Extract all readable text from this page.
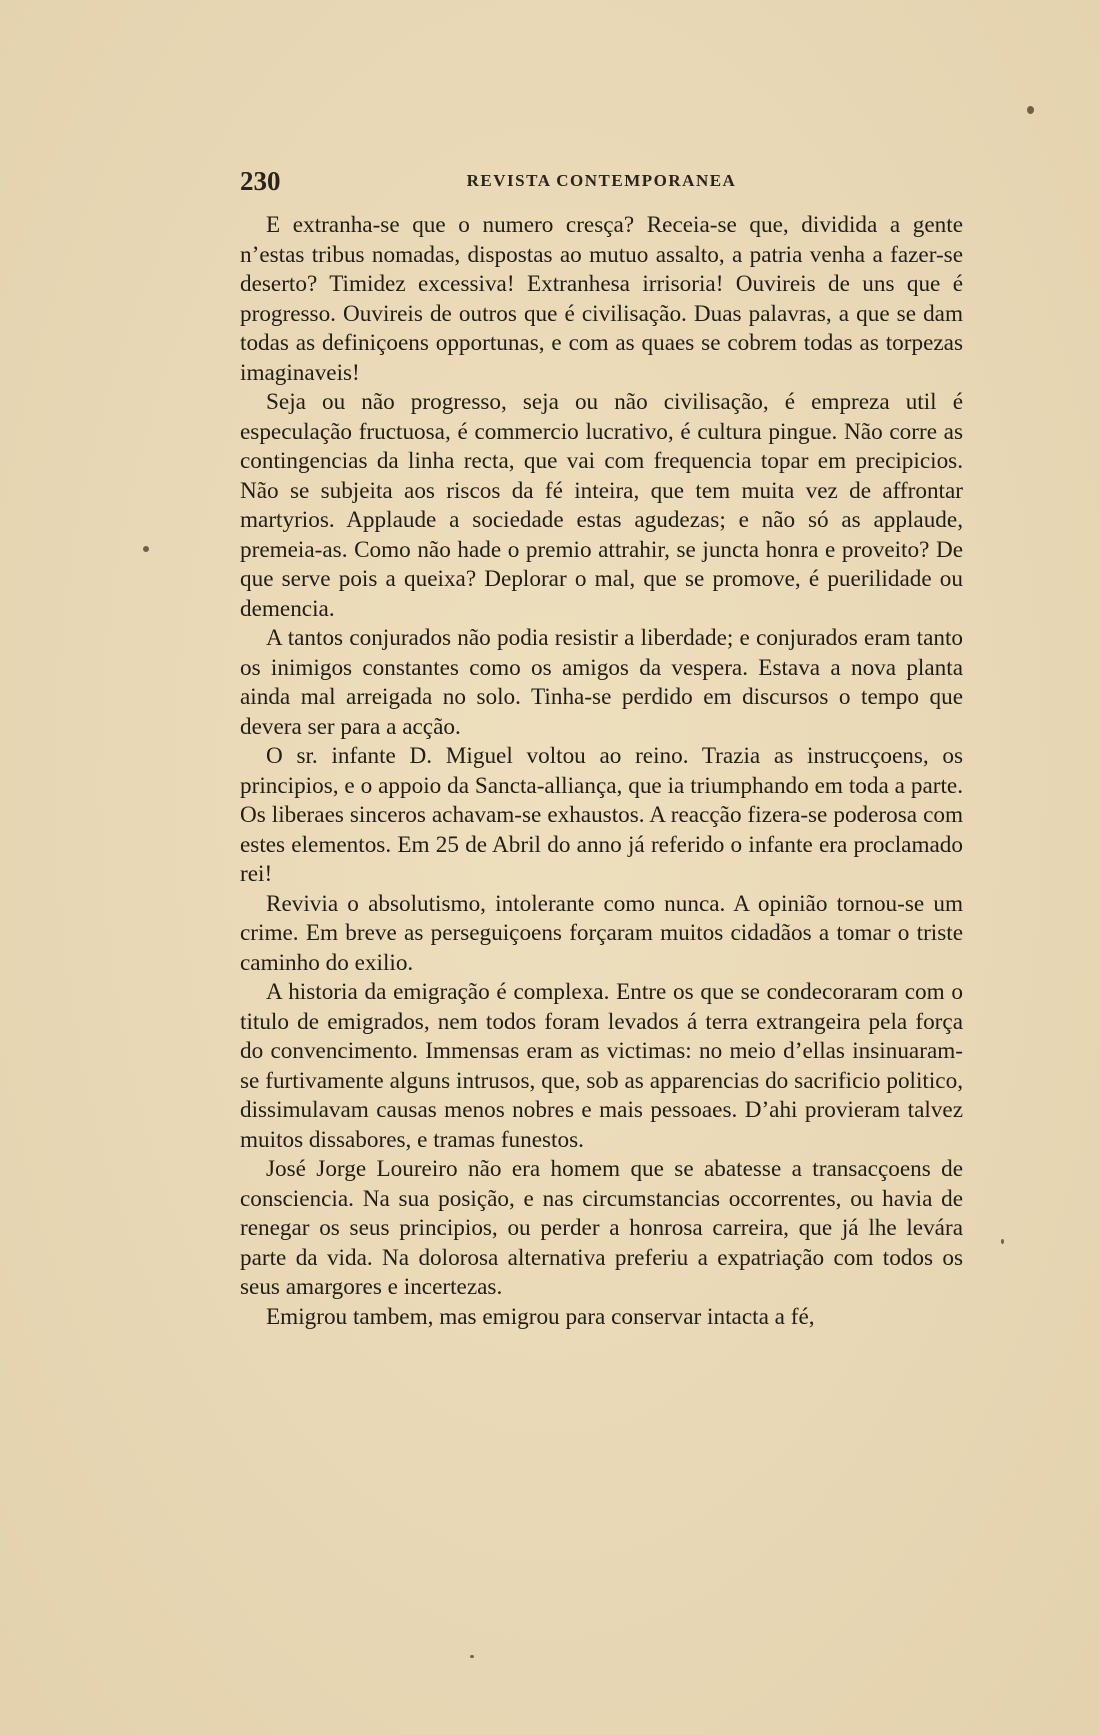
230	REVISTA CONTEMPORANEA

E extranha-se que o numero cresça? Receia-se que, dividida a gente n’estas tribus nomadas, dispostas ao mutuo assalto, a patria venha a fazer-se deserto? Timidez excessiva! Extranhesa irrisoria! Ouvireis de uns que é progresso. Ouvireis de outros que é civilisação. Duas palavras, a que se dam todas as definiçoens opportunas, e com as quaes se cobrem todas as torpezas imaginaveis!

Seja ou não progresso, seja ou não civilisação, é empreza util é especulação fructuosa, é commercio lucrativo, é cultura pingue. Não corre as contingencias da linha recta, que vai com frequencia topar em precipicios. Não se subjeita aos riscos da fé inteira, que tem muita vez de affrontar martyrios. Applaude a sociedade estas agudezas; e não só as applaude, premeia-as. Como não hade o premio attrahir, se juncta honra e proveito? De que serve pois a queixa? Deplorar o mal, que se promove, é puerilidade ou demencia.

A tantos conjurados não podia resistir a liberdade; e conjurados eram tanto os inimigos constantes como os amigos da vespera. Estava a nova planta ainda mal arreigada no solo. Tinha-se perdido em discursos o tempo que devera ser para a acção.

O sr. infante D. Miguel voltou ao reino. Trazia as instrucçoens, os principios, e o appoio da Sancta-alliança, que ia triumphando em toda a parte. Os liberaes sinceros achavam-se exhaustos. A reacção fizera-se poderosa com estes elementos. Em 25 de Abril do anno já referido o infante era proclamado rei!

Revivia o absolutismo, intolerante como nunca. A opinião tornou-se um crime. Em breve as perseguiçoens forçaram muitos cidadãos a tomar o triste caminho do exilio.

A historia da emigração é complexa. Entre os que se condecoraram com o titulo de emigrados, nem todos foram levados á terra extrangeira pela força do convencimento. Immensas eram as victimas: no meio d’ellas insinuaram-se furtivamente alguns intrusos, que, sob as apparencias do sacrificio politico, dissimulavam causas menos nobres e mais pessoaes. D’ahi provieram talvez muitos dissabores, e tramas funestos.

José Jorge Loureiro não era homem que se abatesse a transacçoens de consciencia. Na sua posição, e nas circumstancias occorrentes, ou havia de renegar os seus principios, ou perder a honrosa carreira, que já lhe levára parte da vida. Na dolorosa alternativa preferiu a expatriação com todos os seus amargores e incertezas.

Emigrou tambem, mas emigrou para conservar intacta a fé,
